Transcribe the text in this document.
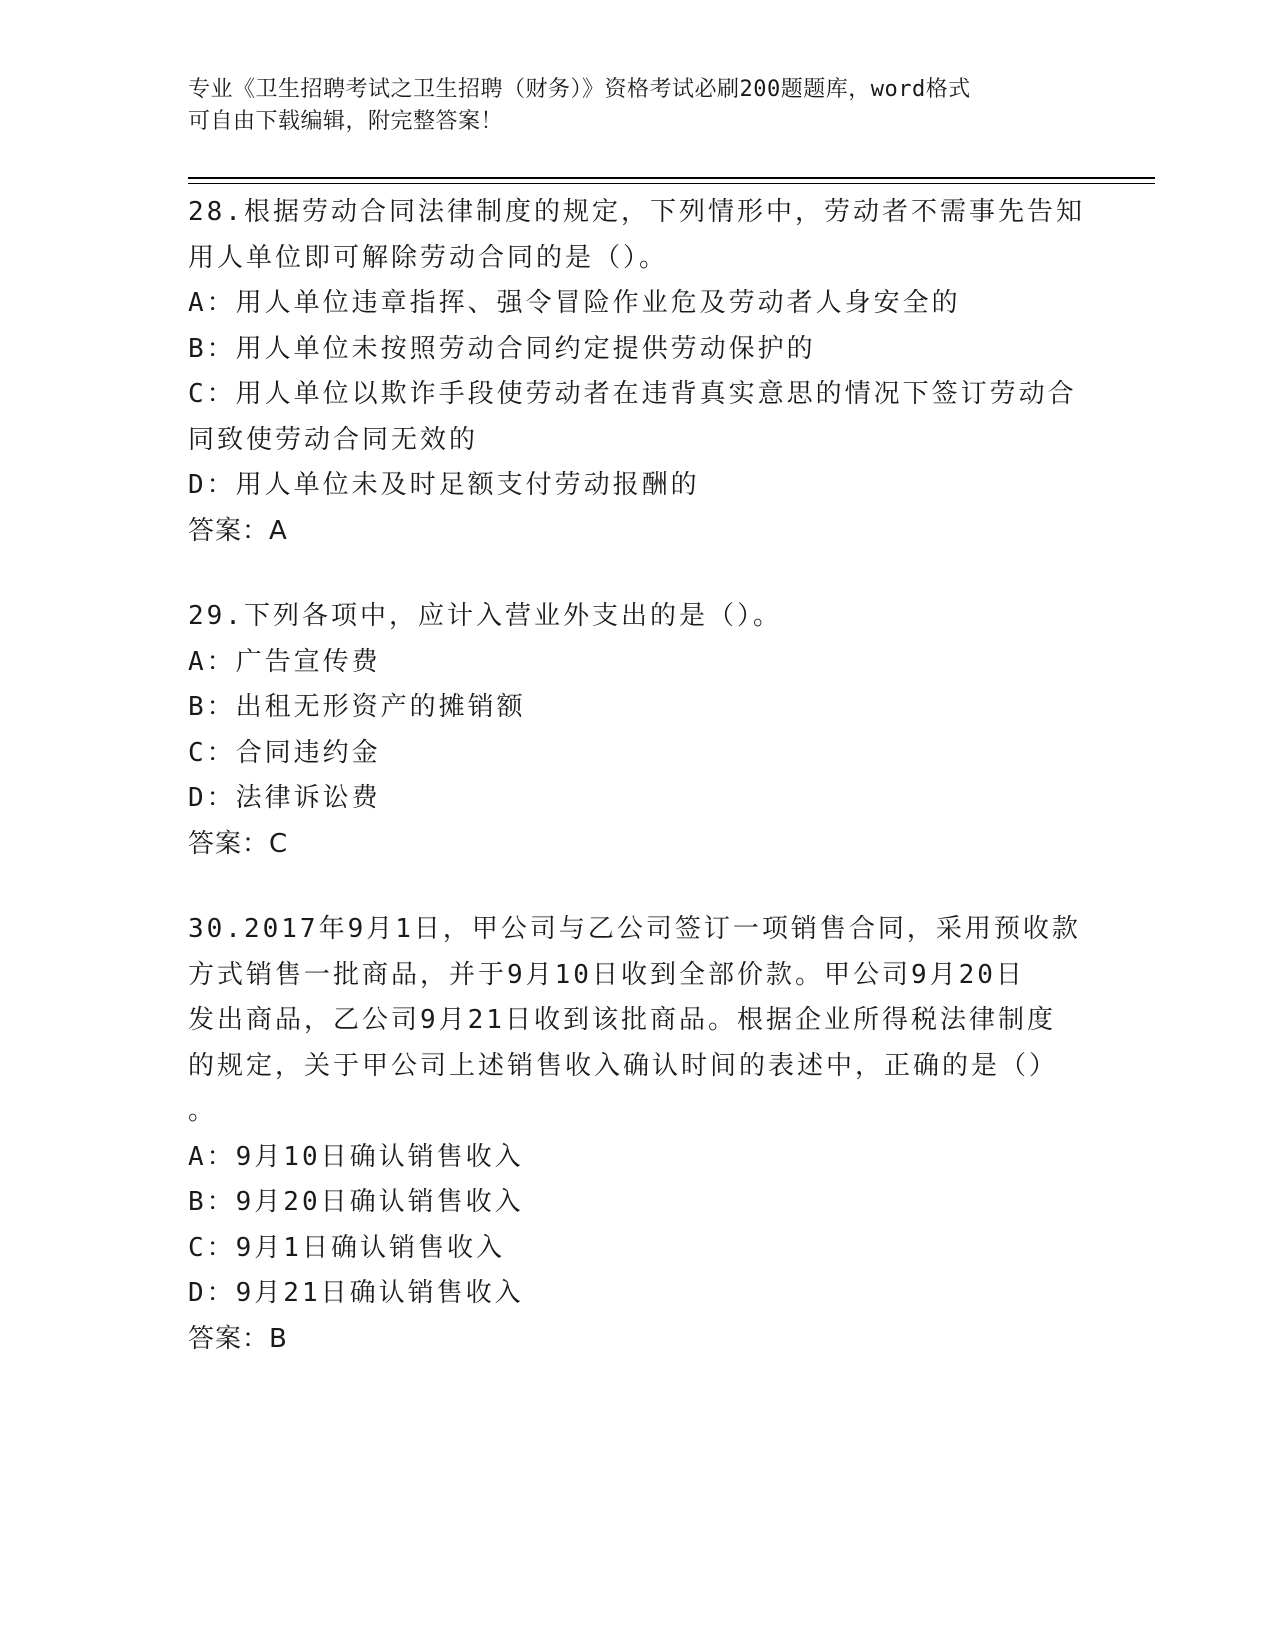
专业《卫生招聘考试之卫生招聘（财务）》资格考试必刷200题题库，word格式
可自由下载编辑，附完整答案！
28.根据劳动合同法律制度的规定，下列情形中，劳动者不需事先告知
用人单位即可解除劳动合同的是（）。
A：用人单位违章指挥、强令冒险作业危及劳动者人身安全的
B：用人单位未按照劳动合同约定提供劳动保护的
C：用人单位以欺诈手段使劳动者在违背真实意思的情况下签订劳动合
同致使劳动合同无效的
D：用人单位未及时足额支付劳动报酬的
答案：A
29.下列各项中，应计入营业外支出的是（）。
A：广告宣传费
B：出租无形资产的摊销额
C：合同违约金
D：法律诉讼费
答案：C
30.2017年9月1日，甲公司与乙公司签订一项销售合同，采用预收款
方式销售一批商品，并于9月10日收到全部价款。甲公司9月20日
发出商品，乙公司9月21日收到该批商品。根据企业所得税法律制度
的规定，关于甲公司上述销售收入确认时间的表述中，正确的是（）
。
A：9月10日确认销售收入
B：9月20日确认销售收入
C：9月1日确认销售收入
D：9月21日确认销售收入
答案：B
